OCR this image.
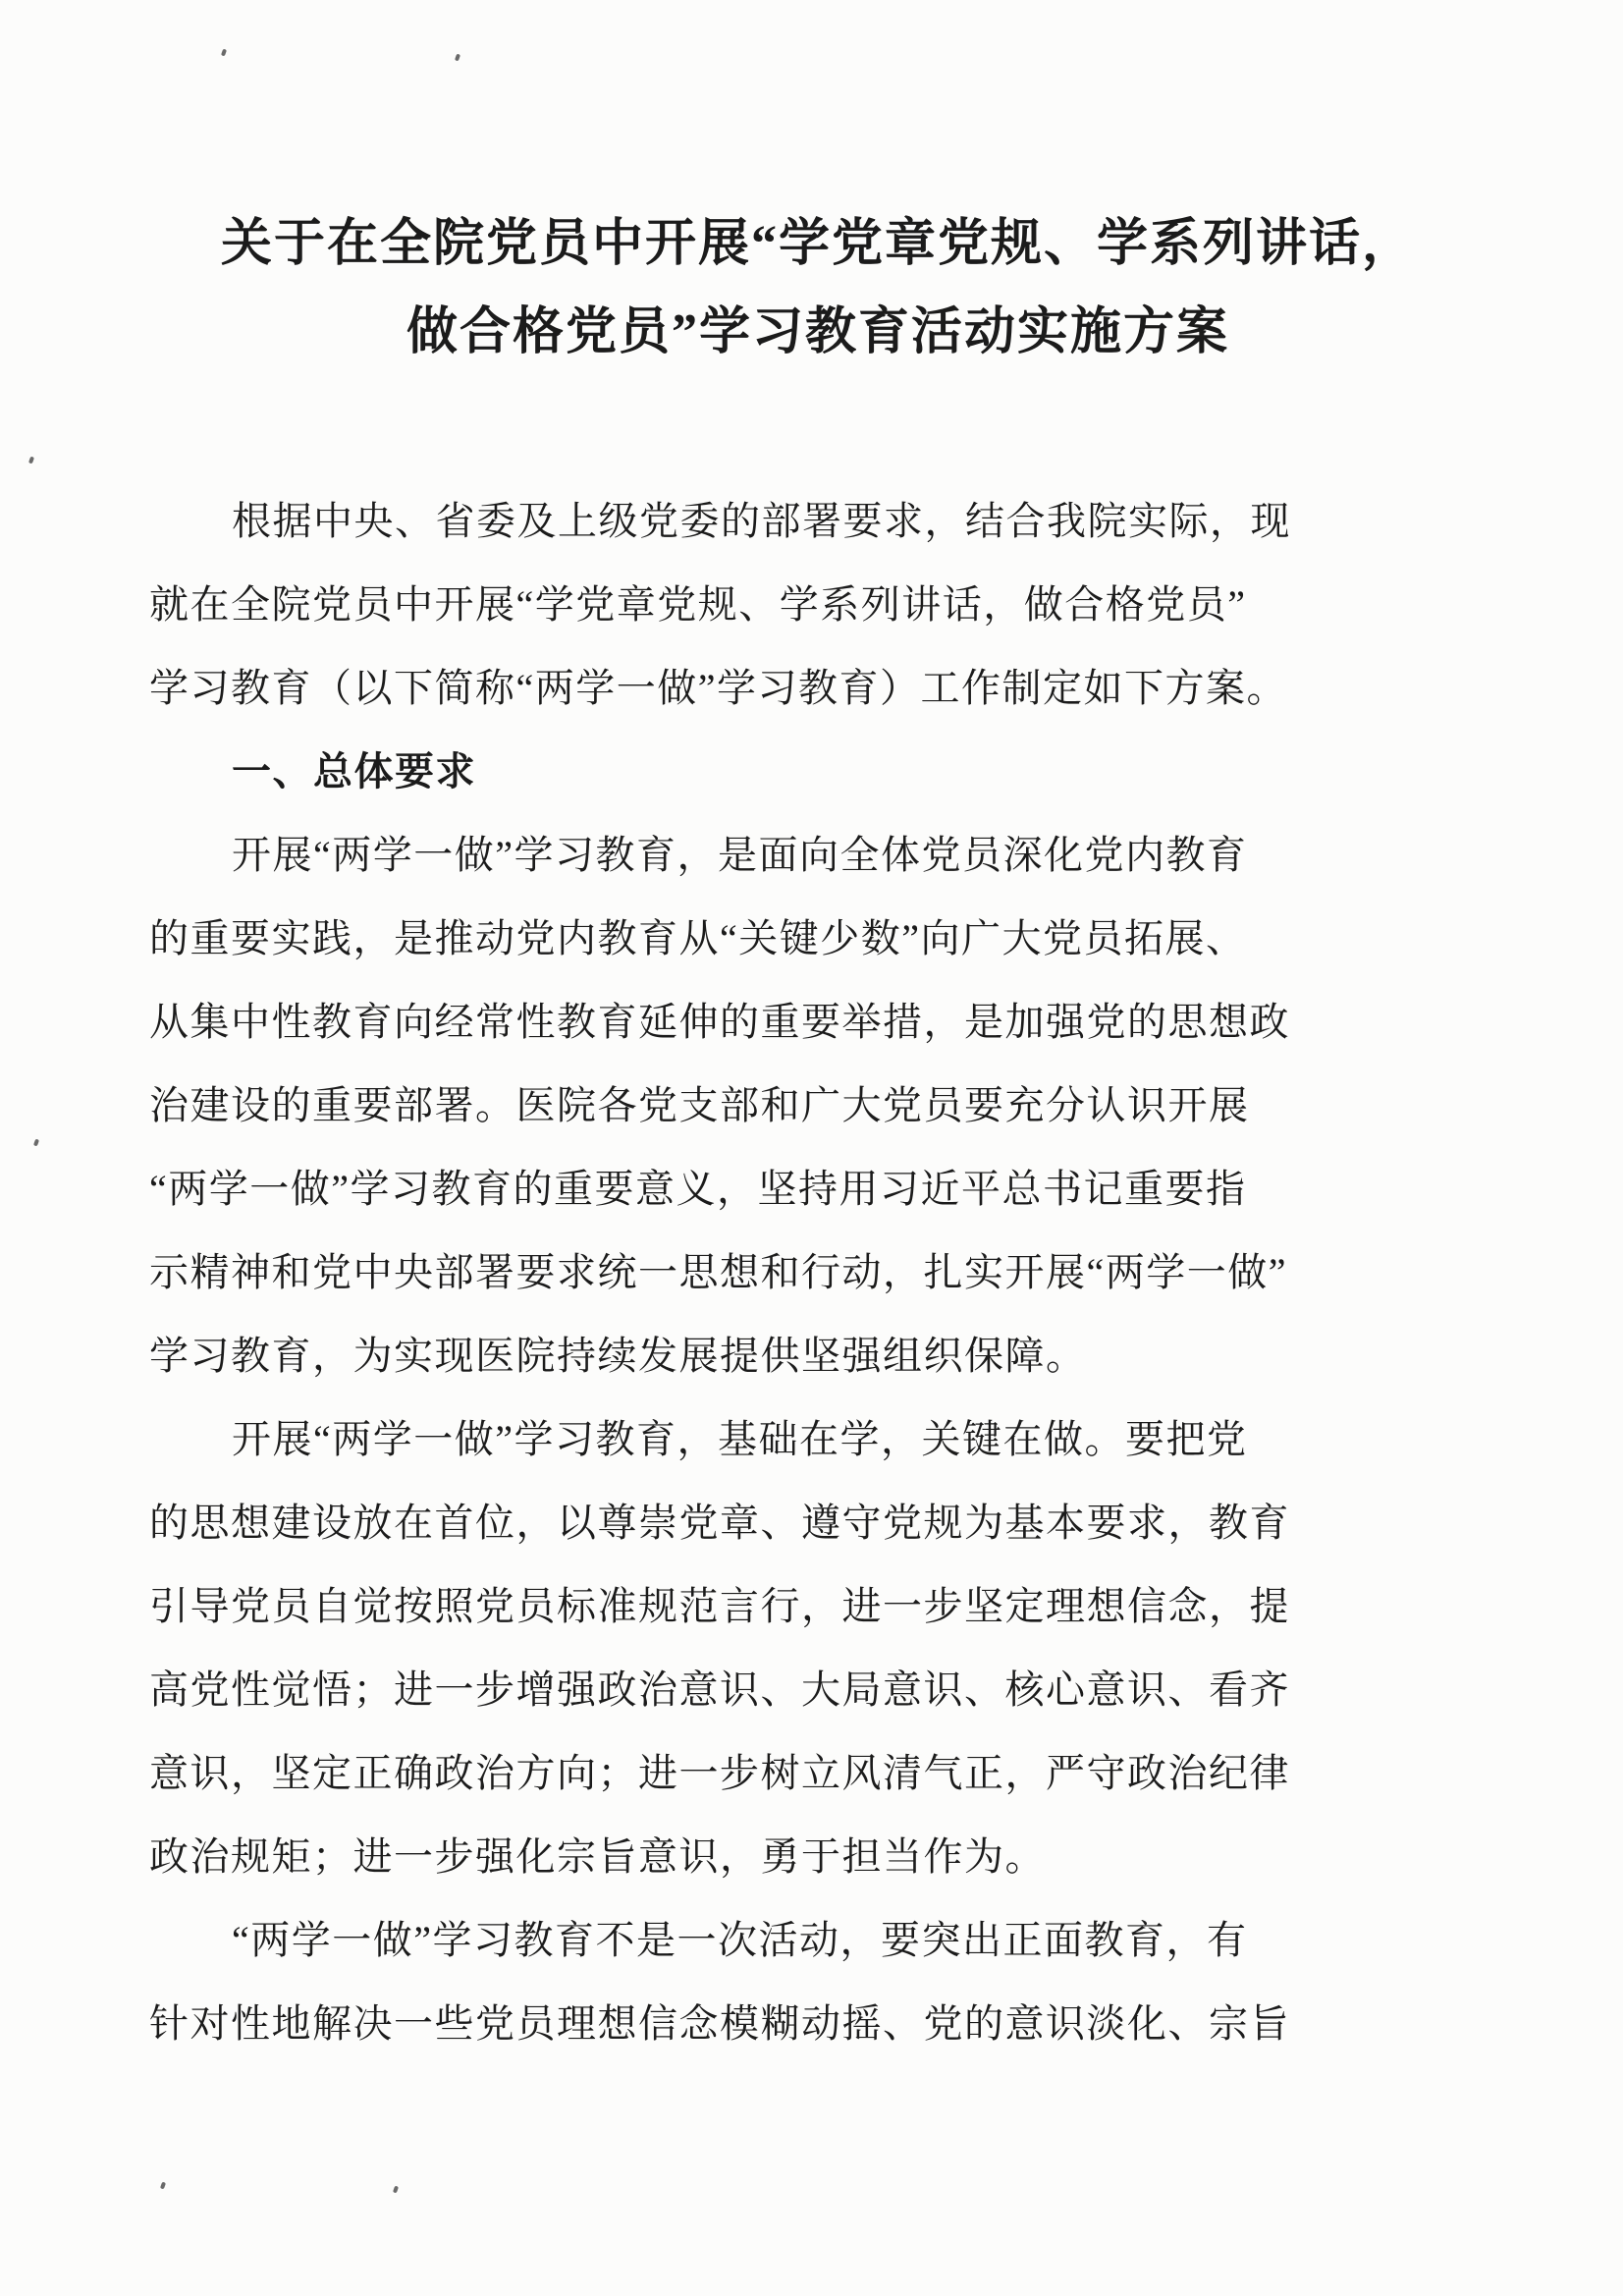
关于在全院党员中开展“学党章党规、学系列讲话，
做合格党员”学习教育活动实施方案
根据中央、省委及上级党委的部署要求，结合我院实际，现
就在全院党员中开展“学党章党规、学系列讲话，做合格党员”
学习教育（以下简称“两学一做”学习教育）工作制定如下方案。
一、总体要求
开展“两学一做”学习教育，是面向全体党员深化党内教育
的重要实践，是推动党内教育从“关键少数”向广大党员拓展、
从集中性教育向经常性教育延伸的重要举措，是加强党的思想政
治建设的重要部署。医院各党支部和广大党员要充分认识开展
“两学一做”学习教育的重要意义，坚持用习近平总书记重要指
示精神和党中央部署要求统一思想和行动，扎实开展“两学一做”
学习教育，为实现医院持续发展提供坚强组织保障。
开展“两学一做”学习教育，基础在学，关键在做。要把党
的思想建设放在首位，以尊崇党章、遵守党规为基本要求，教育
引导党员自觉按照党员标准规范言行，进一步坚定理想信念，提
高党性觉悟；进一步增强政治意识、大局意识、核心意识、看齐
意识，坚定正确政治方向；进一步树立风清气正，严守政治纪律
政治规矩；进一步强化宗旨意识，勇于担当作为。
“两学一做”学习教育不是一次活动，要突出正面教育，有
针对性地解决一些党员理想信念模糊动摇、党的意识淡化、宗旨
